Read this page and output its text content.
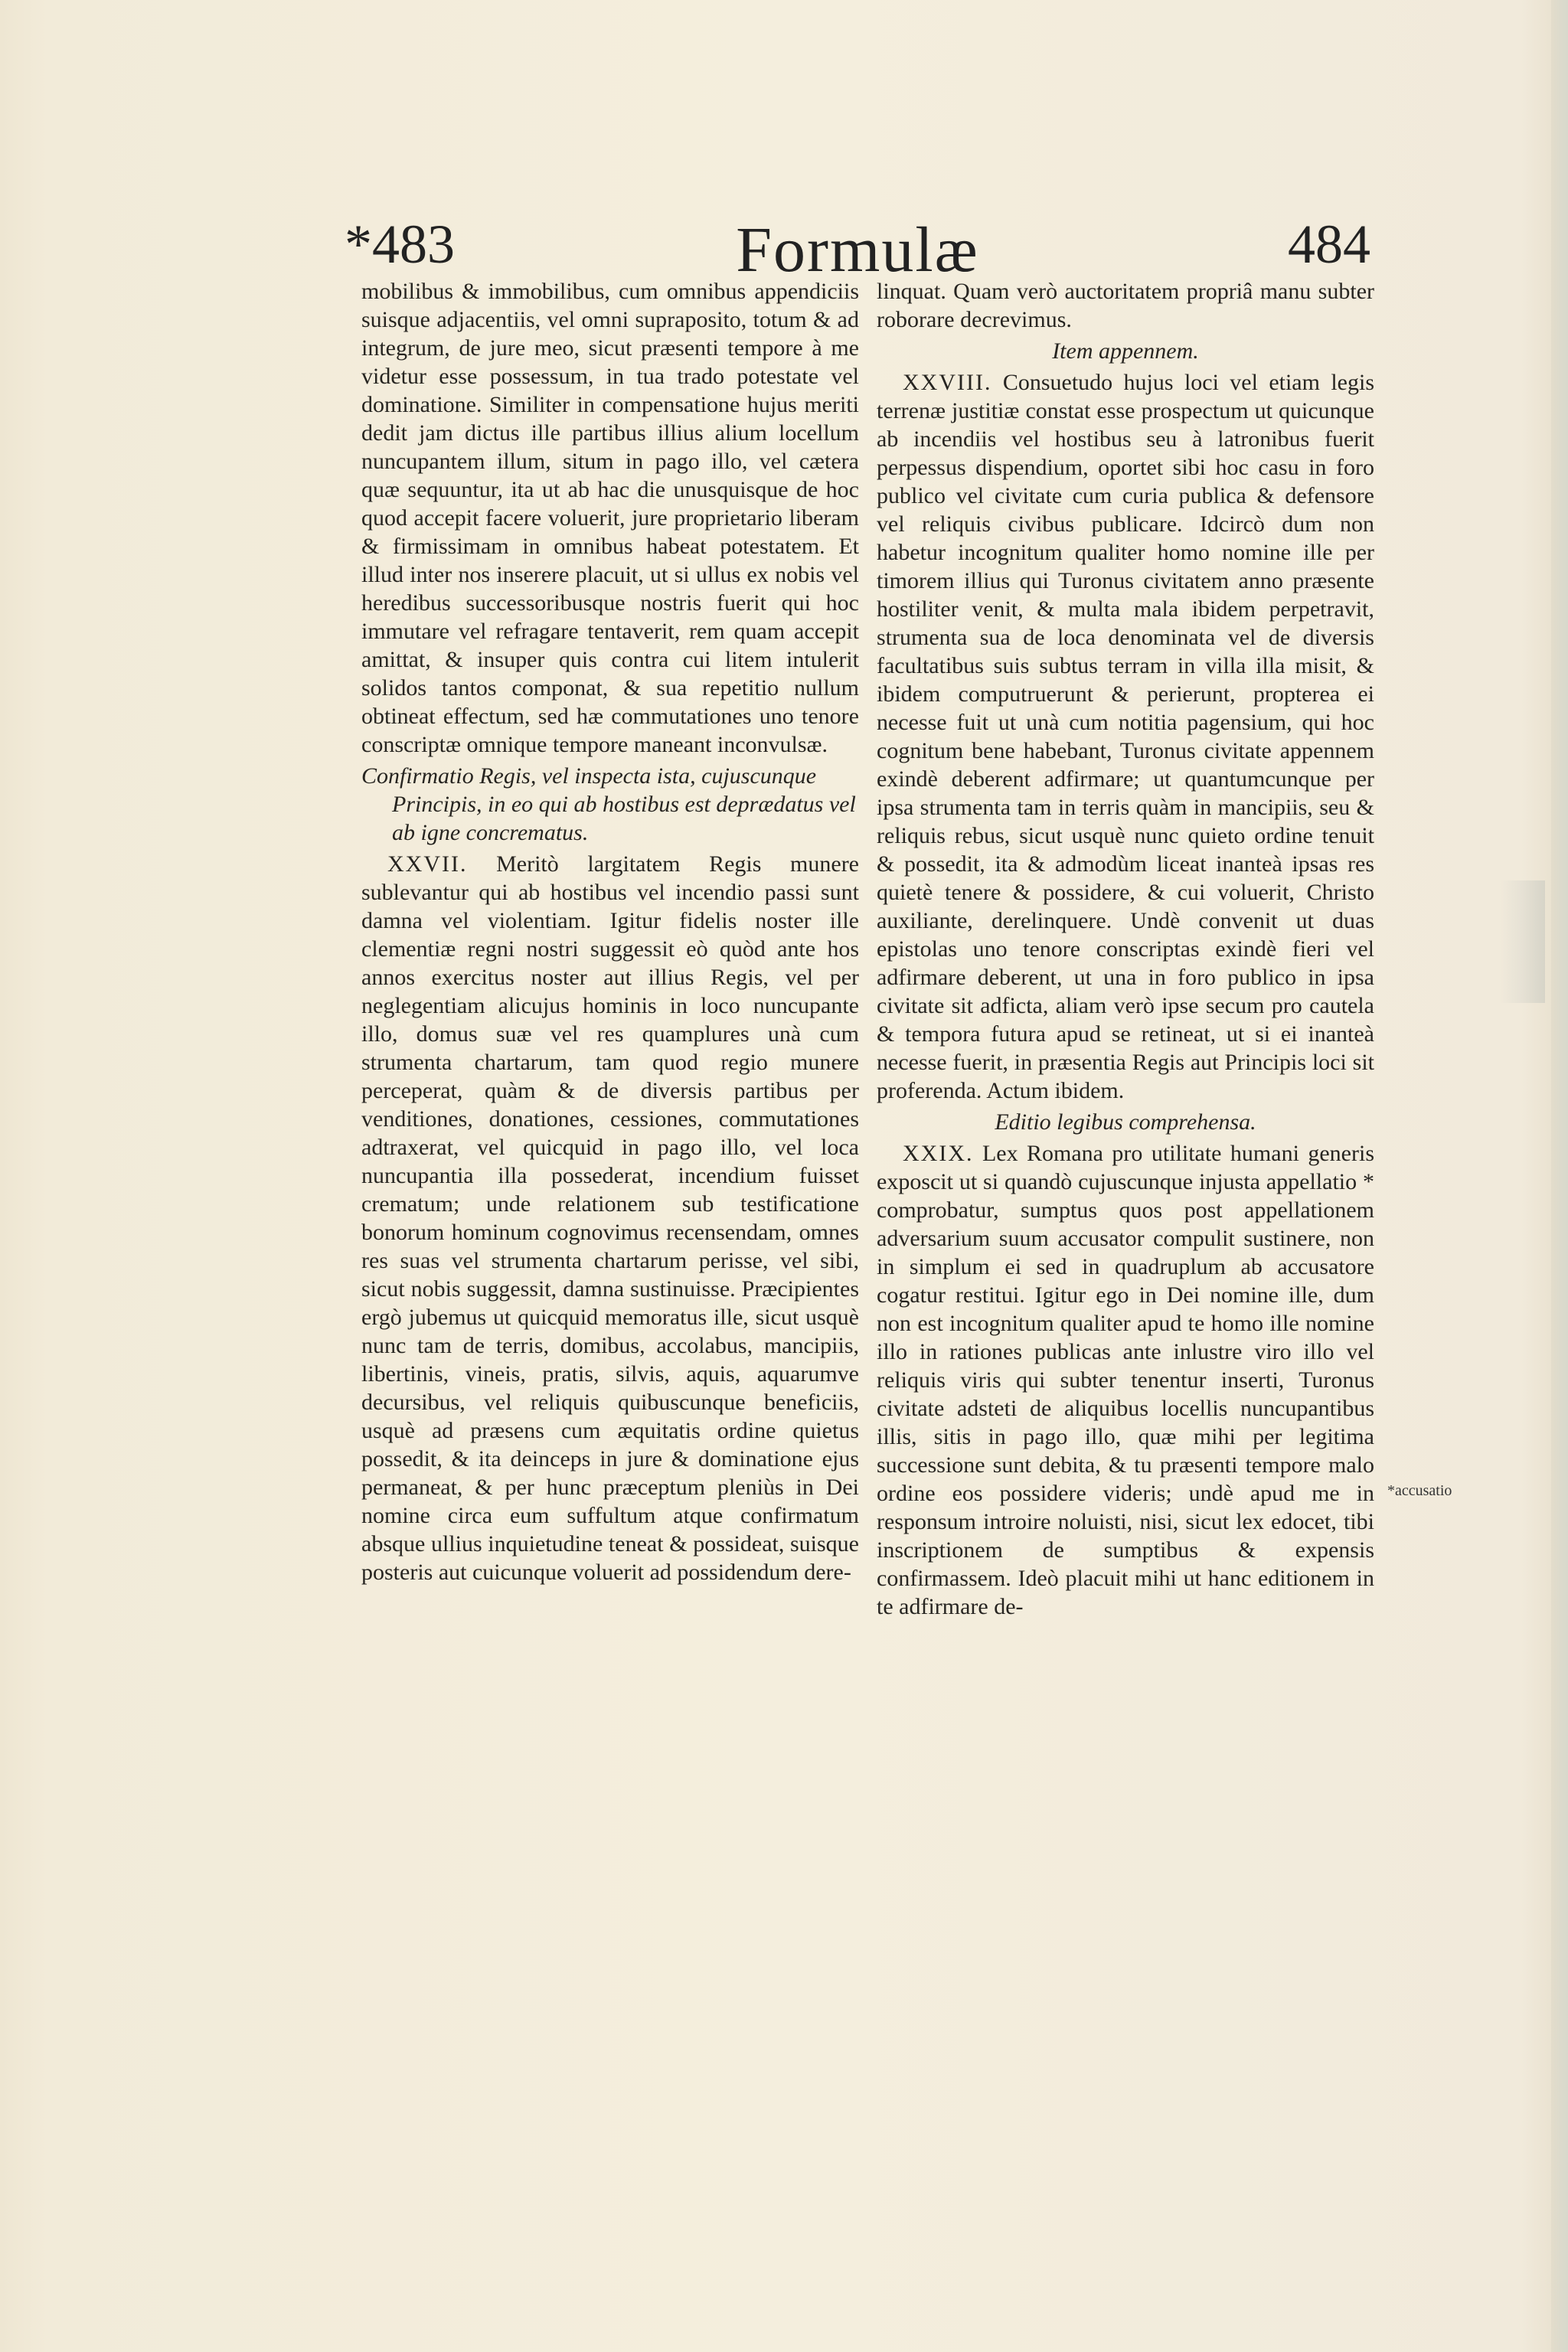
*483	Formulæ	484

mobilibus & immobilibus, cum omnibus appendiciis suisque adjacentiis, vel omni suprapositο, totum & ad integrum, de jure meo, sicut præsenti tempore à me videtur esse possessum, in tua trado potestate vel dominatione. Similiter in compensatione hujus meriti dedit jam dictus ille partibus illius alium locellum nuncupantem illum, situm in pago illo, vel cætera quæ sequuntur, ita ut ab hac die unusquisque de hoc quod accepit facere voluerit, jure proprietario liberam & firmissimam in omnibus habeat potestatem. Et illud inter nos inserere placuit, ut si ullus ex nobis vel heredibus successoribusque nostris fuerit qui hoc immutare vel refragare tentaverit, rem quam accepit amittat, & insuper quis contra cui litem intulerit solidos tantos componat, & sua repetitio nullum obtineat effectum, sed hæ commutationes uno tenore conscriptæ omnique tempore maneant inconvulsæ.

Confirmatio Regis, vel inspecta ista, cujuscunque Principis, in eo qui ab hostibus est deprædatus vel ab igne concrematus.

XXVII. Meritò largitatem Regis munere sublevantur qui ab hostibus vel incendio passi sunt damna vel violentiam. Igitur fidelis noster ille clementiæ regni nostri suggessit eò quòd ante hos annos exercitus noster aut illius Regis, vel per neglegentiam alicujus hominis in loco nuncupante illo, domus suæ vel res quamplures unà cum strumenta chartarum, tam quod regio munere perceperat, quàm & de diversis partibus per venditiones, donationes, cessiones, commutationes adtraxerat, vel quicquid in pago illo, vel loca nuncupantia illa possederat, incendium fuisset crematum; unde relationem sub testificatione bonorum hominum cognovimus recensendam, omnes res suas vel strumenta chartarum perisse, vel sibi, sicut nobis suggessit, damna sustinuisse. Præcipientes ergò jubemus ut quicquid memoratus ille, sicut usquè nunc tam de terris, domibus, accolabus, mancipiis, libertinis, vineis, pratis, silvis, aquis, aquarumve decursibus, vel reliquis quibuscunque beneficiis, usquè ad præsens cum æquitatis ordine quietus possedit, & ita deinceps in jure & dominatione ejus permaneat, & per hunc præceptum pleniùs in Dei nomine circa eum suffultum atque confirmatum absque ullius inquietudine teneat & possideat, suisque posteris aut cuicunque voluerit ad possidendum dere-

linquat. Quam verò auctoritatem propriâ manu subter roborare decrevimus.

Item appennem.

XXVIII. Consuetudo hujus loci vel etiam legis terrenæ justitiæ constat esse prospectum ut quicunque ab incendiis vel hostibus seu à latronibus fuerit perpessus dispendium, oportet sibi hoc casu in foro publico vel civitate cum curia publica & defensore vel reliquis civibus publicare. Idcircò dum non habetur incognitum qualiter homo nomine ille per timorem illius qui Turonus civitatem anno præsente hostiliter venit, & multa mala ibidem perpetravit, strumenta sua de loca denominata vel de diversis facultatibus suis subtus terram in villa illa misit, & ibidem computruerunt & perierunt, propterea ei necesse fuit ut unà cum notitia pagensium, qui hoc cognitum bene habebant, Turonus civitate appennem exindè deberent adfirmare; ut quantumcunque per ipsa strumenta tam in terris quàm in mancipiis, seu & reliquis rebus, sicut usquè nunc quieto ordine tenuit & possedit, ita & admodùm liceat inanteà ipsas res quietè tenere & possidere, & cui voluerit, Christo auxiliante, derelinquere. Undè convenit ut duas epistolas uno tenore conscriptas exindè fieri vel adfirmare deberent, ut una in foro publico in ipsa civitate sit adficta, aliam verò ipse secum pro cautela & tempora futura apud se retineat, ut si ei inanteà necesse fuerit, in præsentia Regis aut Principis loci sit proferenda. Actum ibidem.

Editio legibus comprehensa.

XXIX. Lex Romana pro utilitate humani generis exposcit ut si quandò cujuscunque injusta appellatio * comprobatur, sumptus quos post appellationem adversarium suum accusator compulit sustinere, non in simplum ei sed in quadruplum ab accusatore cogatur restitui. Igitur ego in Dei nomine ille, dum non est incognitum qualiter apud te homo ille nomine illo in rationes publicas ante inlustre viro illo vel reliquis viris qui subter tenentur inserti, Turonus civitate adsteti de aliquibus locellis nuncupantibus illis, sitis in pago illo, quæ mihi per legitima successione sunt debita, & tu præsenti tempore malo ordine eos possidere videris; undè apud me in responsum introire noluisti, nisi, sicut lex edocet, tibi inscriptionem de sumptibus & expensis confirmassem. Ideò placuit mihi ut hanc editionem in te adfirmare de-

*accusatio
